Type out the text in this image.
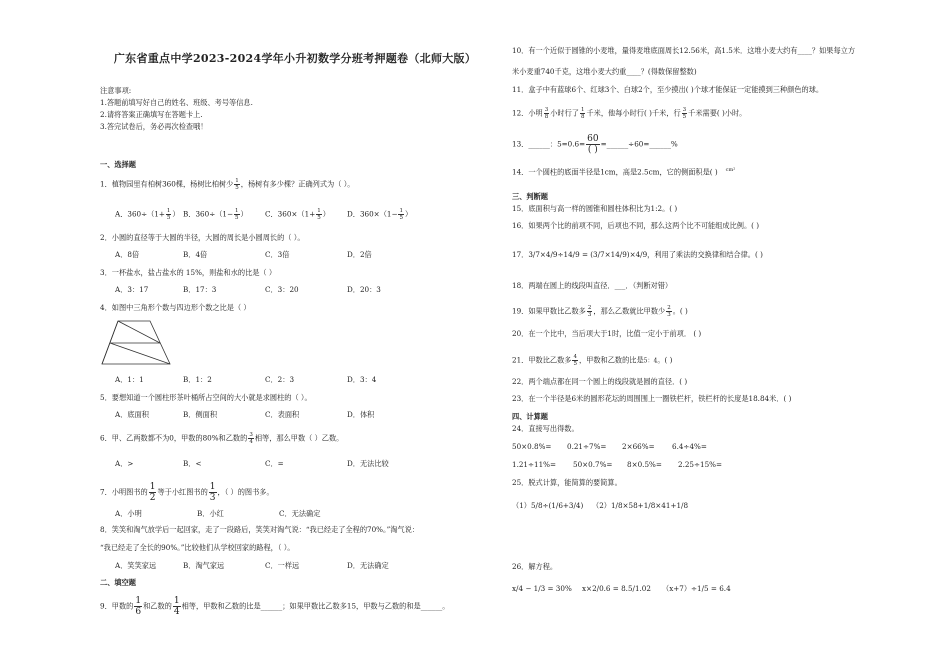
广东省重点中学2023-2024学年小升初数学分班考押题卷（北师大版）
注意事项:
1.答题前填写好自己的姓名、班级、考号等信息.
2.请将答案正确填写在答题卡上.
3.答完试卷后，务必再次检查哦！
一、选择题
1．植物园里有柏树360棵，杨树比柏树少 $\frac{1}{5}$ ，杨树有多少棵？正确列式为（ ）。
A．$360\div(1+ \frac{1}{5}$ ） B．$360\div(1- \frac{1}{5}$ ） C．$360\times(1+ \frac{1}{5}$ ） D．$360\times(1- \frac{1}{5}$ ）
2．小圆的直径等于大圆的半径，大圆的周长是小圆周长的（ ）。
A．8倍	B．4倍	C．3倍	D．2倍
3．一杯盐水，盐占盐水的 15%，则盐和水的比是（ ）
A．3：17	B．17：3	C．3：20	D．20：3
4．如图中三角形个数与四边形个数之比是（ ）
A．1：1	B．1：2	C．2：3	D．3：4
5．要想知道一个圆柱形茶叶桶所占空间的大小就是求圆柱的（ ）。
A．底面积	B．侧面积	C．表面积	D．体积
6．甲、乙两数都不为0，甲数的80%和乙数的 $\frac{3}{4}$ 相等，那么甲数（ ）乙数。
A．>	B．<	C．=	D．无法比较
7．小明图书的 $\frac{1}{2}$ 等于小红图书的 $\frac{1}{3}$ ，（ ）的图书多。
A．小明	B．小红	C．无法确定
8．笑笑和淘气放学后一起回家，走了一段路后，笑笑对淘气说：“我已经走了全程的70%。”淘气说：
“我已经走了全长的90%。”比较他们从学校回家的路程，（ ）。
A．笑笑家远	B．淘气家远	C．一样远	D．无法确定
二、填空题
9．甲数的 $\frac{1}{6}$ 和乙数的 $\frac{1}{4}$ 相等，甲数和乙数的比是______；如果甲数比乙数多15，甲数与乙数的和是______。
10．有一个近似于圆锥的小麦堆，量得麦堆底面周长12.56米，高1.5米．这堆小麦大约有____？如果每立方
米小麦重740千克，这堆小麦大约重____？(得数保留整数)
11．盒子中有蓝球6个、红球3个、白球2个，至少摸出( )个球才能保证一定能摸到三种颜色的球。
12．小明 $\frac{3}{8}$ 小时行了 $\frac{1}{8}$ 千米，他每小时行( )千米，行 $\frac{3}{5}$ 千米需要( )小时。
13．______：$5=0.6= \frac{60}{( )}$ =______÷60=______%
14．一个圆柱的底面半径是1cm，高是2.5cm，它的侧面积是( ) $^{cm^2}$
三、判断题
15．底面积与高一样的圆锥和圆柱体积比为1:2。( )
16．如果两个比的前项不同，后项也不同，那么这两个比不可能组成比例。( )
17．3/7×4/9÷14/9 = (3/7×14/9)×4/9，利用了乘法的交换律和结合律。( )
18．两端在圆上的线段叫直径．___．（判断对错）
19．如果甲数比乙数多 $\frac{2}{3}$ ，那么乙数就比甲数少 $\frac{2}{3}$ 。( )
20．在一个比中，当后项大于1时，比值一定小于前项． ( )
21．甲数比乙数多 $\frac{4}{5}$ ，甲数和乙数的比是5：4。( )
22．两个端点都在同一个圆上的线段就是圆的直径．( )
23．在一个半径是6米的圆形花坛的周围围上一圈铁栏杆，铁栏杆的长度是18.84米．( )
四、计算题
24．直接写出得数。
50×0.8%= 0.21÷7%= 2×66%= 6.4÷4%=
1.21÷11%= 50×0.7%= 8×0.5%= 2.25÷15%=
25．脱式计算，能简算的要简算。
（1）5/8÷(1/6+3/4) （2）1/8×58+1/8×41+1/8
26．解方程。
x/4 − 1/3 = 30% x×2/0.6 = 8.5/1.02 （x+7）÷1/5 = 6.4
